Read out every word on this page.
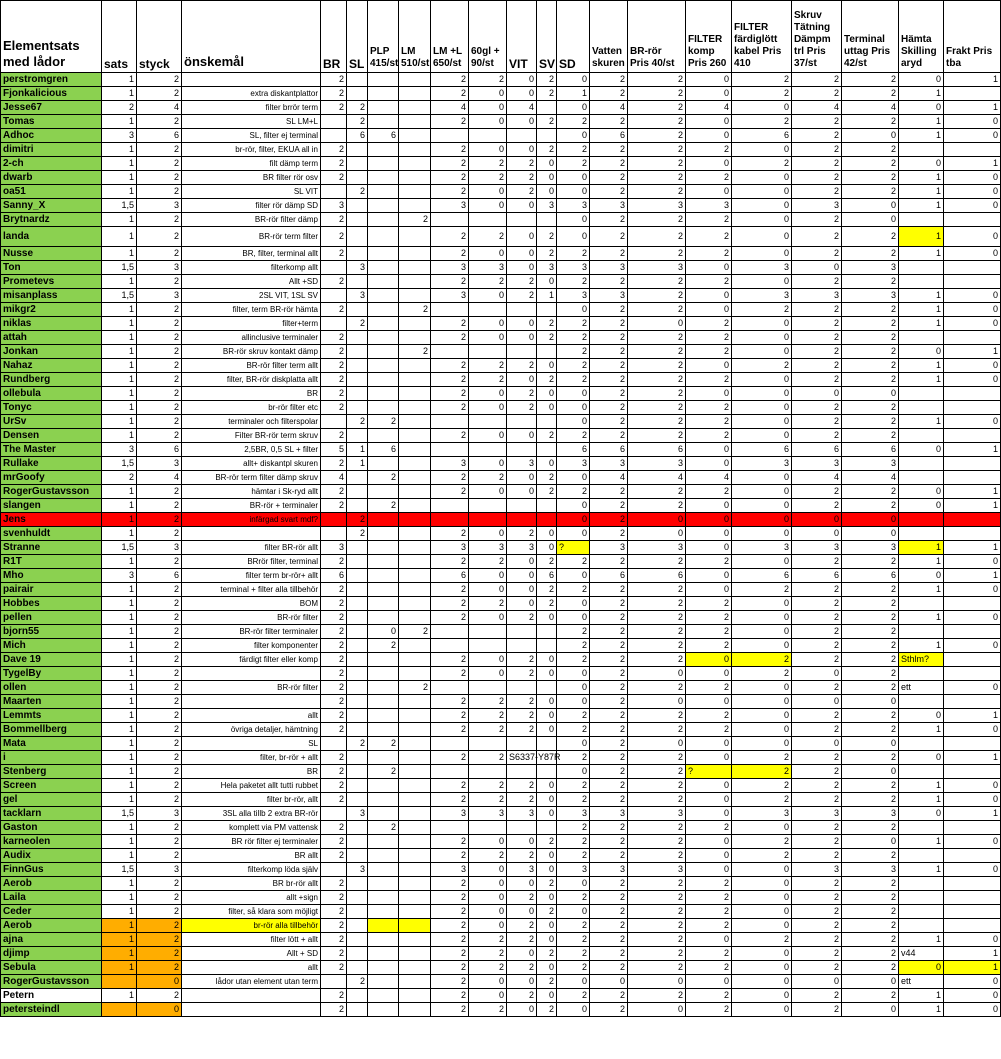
Elementsats med lådor	sats	styck	önskemål	BR	SL	PLP 415/st	LM 510/st	LM +L 650/st	60gl + 90/st	VIT	SV	SD	Vatten skuren	BR-rör Pris 40/st	FILTER komp Pris 260	FILTER färdiglött kabel Pris 410	Skruv Tätning Dämpm trl Pris 37/st	Terminal uttag Pris 42/st	Hämta Skilling aryd	Frakt Pris tba
perstromgren	1	2		2				2	2	0	2	0	2	2	0	2	2	2	0	1
Fjonkalicious	1	2	extra diskantplattor	2				2	0	0	2	1	2	2	0	2	2	2	1	
Jesse67	2	4	filter brrör term	2	2			4	0	4		0	4	2	4	0	4	4	0	1
Tomas	1	2	SL LM+L		2			2	0	0	2	2	2	2	0	2	2	2	1	0
Adhoc	3	6	SL, filter ej terminal		6	6						0	6	2	0	6	2	0	1	0
dimitri	1	2	br-rör, filter, EKUA all in	2				2	0	0	2	2	2	2	2	0	2	2		
2-ch	1	2	filt dämp term	2				2	2	2	0	2	2	2	0	2	2	2	0	1
dwarb	1	2	BR filter rör osv	2				2	2	2	0	0	2	2	2	0	2	2	1	0
oa51	1	2	SL VIT		2			2	0	2	0	0	2	2	0	0	2	2	1	0
Sanny_X	1,5	3	filter rör dämp SD	3				3	0	0	3	3	3	3	3	0	3	0	1	0
Brytnardz	1	2	BR-rör filter dämp	2			2					0	2	2	2	0	2	0		
landa	1	2	BR-rör term filter	2				2	2	0	2	0	2	2	2	0	2	2	1	0
Nusse	1	2	BR, filter, terminal allt	2				2	0	0	2	2	2	2	2	0	2	2	1	0
Ton	1,5	3	filterkomp allt		3			3	3	0	3	3	3	3	0	3	0	3		
Prometevs	1	2	Allt +SD	2				2	2	2	0	2	2	2	2	0	2	2		
misanplass	1,5	3	2SL VIT, 1SL SV		3			3	0	2	1	3	3	2	0	3	3	3	1	0
mikgr2	1	2	filter, term BR-rör hämta	2			2					0	2	2	0	2	2	2	1	0
niklas	1	2	filter+term		2			2	0	0	2	2	2	0	2	0	2	2	1	0
attah	1	2	allinclusive terminaler	2				2	0	0	2	2	2	2	2	0	2	2		
Jonkan	1	2	BR-rör skruv kontakt dämp	2			2					2	2	2	2	0	2	2	0	1
Nahaz	1	2	BR-rör filter term allt	2				2	2	2	0	2	2	2	0	2	2	2	1	0
Rundberg	1	2	filter, BR-rör diskplatta allt	2				2	2	0	2	2	2	2	2	0	2	2	1	0
ollebula	1	2	BR	2				2	0	2	0	0	2	2	0	0	0	0		
Tonyc	1	2	br-rör filter etc	2				2	0	2	0	0	2	2	2	0	2	2		
UrSv	1	2	terminaler och filterspolar		2	2						0	2	2	2	0	2	2	1	0
Densen	1	2	Filter BR-rör term skruv	2				2	0	0	2	2	2	2	2	0	2	2		
The Master	3	6	2,5BR, 0,5 SL + filter	5	1	6						6	6	6	0	6	6	6	0	1
Rullake	1,5	3	allt+ diskantpl skuren	2	1			3	0	3	0	3	3	3	0	3	3	3		
mrGoofy	2	4	BR-rör term filter dämp skruv	4		2		2	2	0	2	0	4	4	4	0	4	4		
RogerGustavsson	1	2	hämtar i Sk-ryd allt	2				2	0	0	2	2	2	2	2	0	2	2	0	1
slangen	1	2	BR-rör + terminaler	2		2						0	2	2	0	0	2	2	0	1
Jens	1	2	infärgad svart mdf?		2							0	2	0	0	0	0	0		
svenhuldt	1	2			2			2	0	2	0	0	2	0	0	0	0	0		
Stranne	1,5	3	filter BR-rör allt	3				3	3	3	0	?	3	3	0	3	3	3	1	1
R1T	1	2	BRrör filter, terminal	2				2	2	0	2	2	2	2	2	0	2	2	1	0
Mho	3	6	filter term br-rör+ allt	6				6	0	0	6	0	6	6	0	6	6	6	0	1
pairair	1	2	terminal + filter alla tillbehör	2				2	0	0	2	2	2	2	0	2	2	2	1	0
Hobbes	1	2	BOM	2				2	2	0	2	0	2	2	2	0	2	2		
pellen	1	2	BR-rör filter	2				2	0	2	0	0	2	2	2	0	2	2	1	0
bjorn55	1	2	BR-rör filter terminaler	2		0	2					2	2	2	2	0	2	2		
Mich	1	2	filter komponenter	2		2						2	2	2	2	0	2	2	1	0
Dave 19	1	2	färdigt filter eller komp	2				2	0	2	0	2	2	2	0	2	2	2	Sthlm?	
TygelBy	1	2		2				2	0	2	0	0	2	0	0	2	0	2		
ollen	1	2	BR-rör filter	2			2					0	2	2	2	0	2	2	ett	0
Maarten	1	2		2				2	2	2	0	0	2	0	0	0	0	0		
Lemmts	1	2	allt	2				2	2	2	0	2	2	2	2	0	2	2	0	1
Bommellberg	1	2	övriga detaljer, hämtning	2				2	2	2	0	2	2	2	2	0	2	2	1	0
Mata	1	2	SL		2	2						0	2	0	0	0	0	0		
i	1	2	filter, br-rör + allt	2				2	2	S6337-Y87R		2	2	2	0	2	2	2	0	1
Stenberg	1	2	BR	2		2						0	2	2	?	2	2	0		
Screen	1	2	Hela paketet allt tutti rubbet	2				2	2	2	0	2	2	2	0	2	2	2	1	0
gel	1	2	filter br-rör, allt	2				2	2	2	0	2	2	2	0	2	2	2	1	0
tacklarn	1,5	3	3SL alla tillb 2 extra BR-rör		3			3	3	3	0	3	3	3	0	3	3	3	0	1
Gaston	1	2	komplett via PM vattensk	2		2						2	2	2	2	0	2	2		
karneolen	1	2	BR rör filter ej terminaler	2				2	0	0	2	2	2	2	0	2	2	0	1	0
Audix	1	2	BR allt	2				2	2	2	0	2	2	2	0	2	2	2		
FinnGus	1,5	3	filterkomp löda själv		3			3	0	3	0	3	3	3	0	0	3	3	1	0
Aerob	1	2	BR br-rör allt	2				2	0	0	2	0	2	2	2	0	2	2		
Laila	1	2	allt +sign	2				2	0	2	0	2	2	2	2	0	2	2		
Ceder	1	2	filter, så klara som möjligt	2				2	0	0	2	0	2	2	2	0	2	2		
Aerob	1	2	br-rör alla tillbehör	2				2	0	2	0	2	2	2	2	0	2	2		
ajna	1	2	filter lött + allt	2				2	2	2	0	2	2	2	0	2	2	2	1	0
djimp	1	2	Allt + SD	2				2	2	0	2	2	2	2	2	0	2	2	v44	1
Sebula	1	2	allt	2				2	2	2	0	2	2	2	2	0	2	2	0	1
RogerGustavsson		0	lådor utan element utan term		2			2	0	0	2	0	0	0	0	0	0	0	ett	0
Petern	1	2		2				2	0	2	0	2	2	2	2	0	2	2	1	0
petersteindl		0		2				2	2	0	2	0	2	0	2	0	2	0	1	0
